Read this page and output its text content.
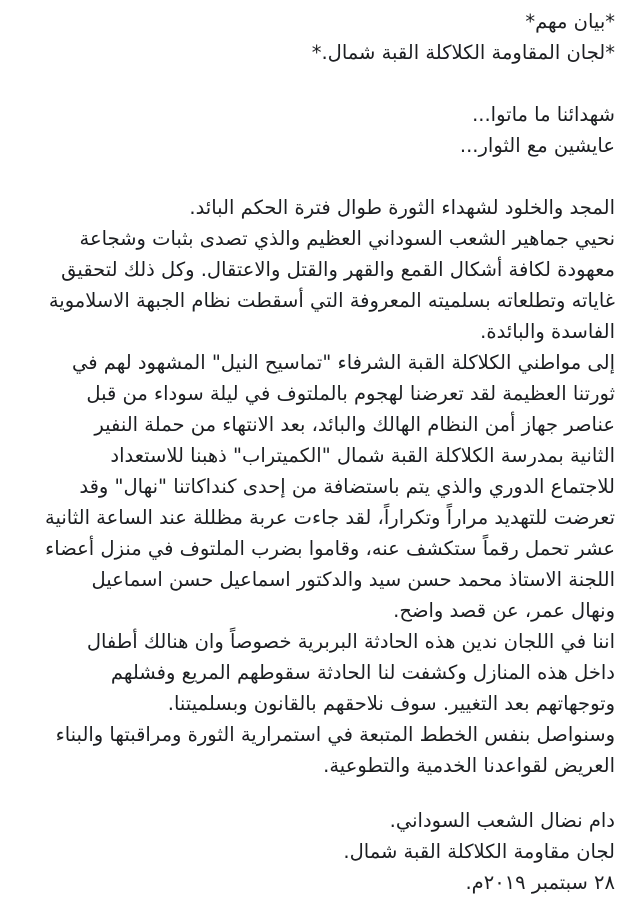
*بيان مهم*
*لجان المقاومة الكلاكلة القبة شمال.*
شهدائنا ما ماتوا...
عايشين مع الثوار...
المجد والخلود لشهداء الثورة طوال فترة الحكم البائد.
نحيي جماهير الشعب السوداني العظيم والذي تصدى بثبات وشجاعة
معهودة لكافة أشكال القمع والقهر والقتل والاعتقال. وكل ذلك لتحقيق
غاياته وتطلعاته بسلميته المعروفة التي أسقطت نظام الجبهة الاسلاموية
الفاسدة والبائدة.
إلى مواطني الكلاكلة القبة الشرفاء "تماسيح النيل" المشهود لهم في
ثورتنا العظيمة لقد تعرضنا لهجوم بالملتوف في ليلة سوداء من قبل
عناصر جهاز أمن النظام الهالك والبائد، بعد الانتهاء من حملة النفير
الثانية بمدرسة الكلاكلة القبة شمال "الكميتراب" ذهبنا للاستعداد
للاجتماع الدوري والذي يتم باستضافة من إحدى كنداكاتنا "نهال" وقد
تعرضت للتهديد مراراً وتكراراً، لقد جاءت عربة مظللة عند الساعة الثانية
عشر تحمل رقماً ستكشف عنه، وقاموا بضرب الملتوف في منزل أعضاء
اللجنة الاستاذ محمد حسن سيد والدكتور اسماعيل حسن اسماعيل
ونهال عمر، عن قصد واضح.
اننا في اللجان ندين هذه الحادثة البربرية خصوصاً وان هنالك أطفال
داخل هذه المنازل وكشفت لنا الحادثة سقوطهم المريع وفشلهم
وتوجهاتهم بعد التغيير. سوف نلاحقهم بالقانون وبسلميتنا.
وسنواصل بنفس الخطط المتبعة في استمرارية الثورة ومراقبتها والبناء
العريض لقواعدنا الخدمية والتطوعية.
دام نضال الشعب السوداني.
لجان مقاومة الكلاكلة القبة شمال.
٢٨ سبتمبر ٢٠١٩م.
